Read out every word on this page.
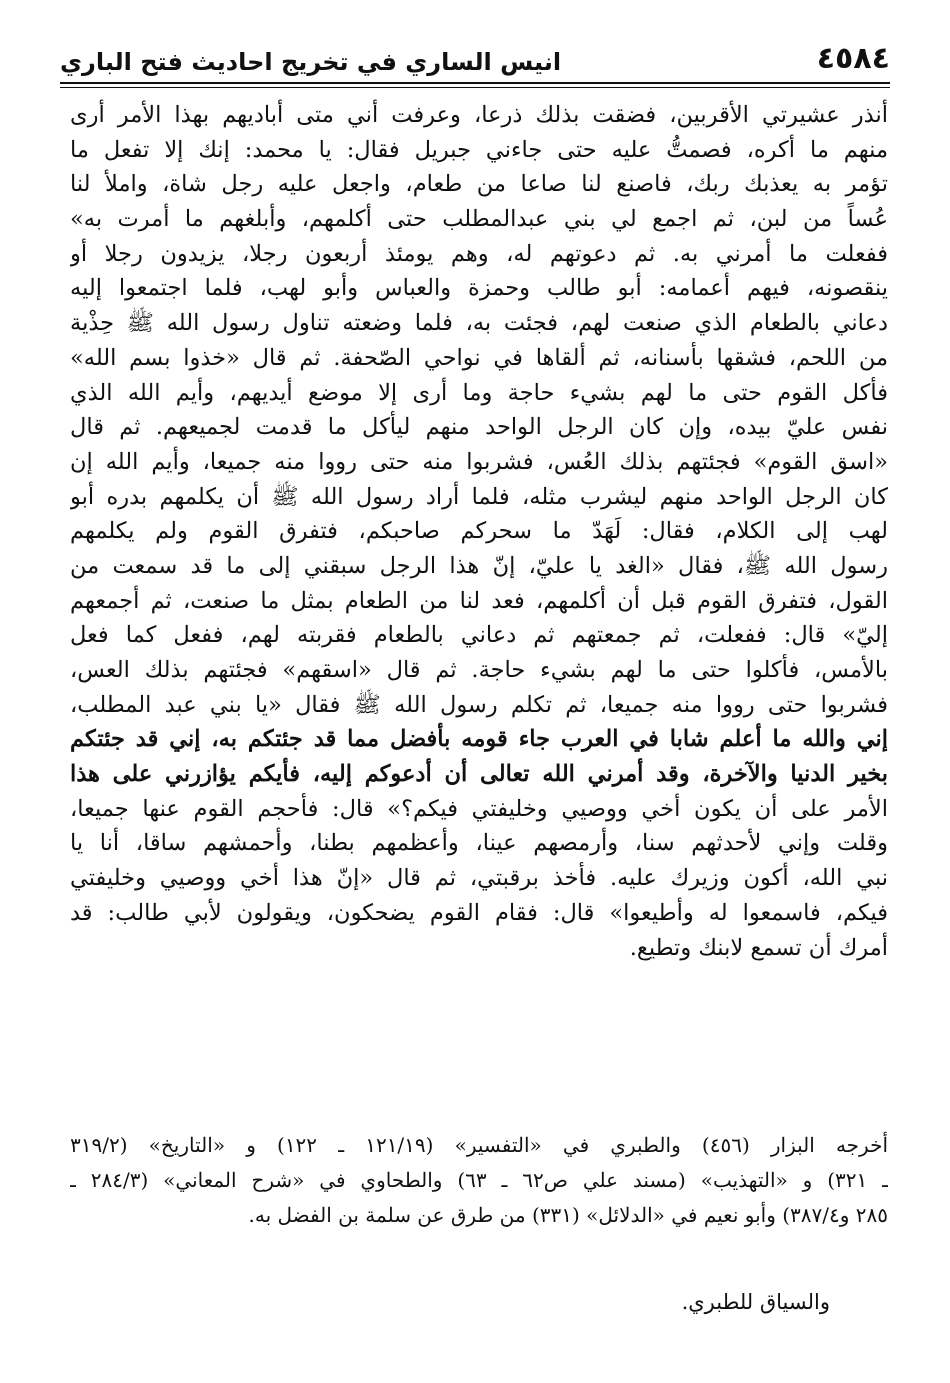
٤٥٨٤
انيس الساري في تخريج احاديث فتح الباري
أنذر عشيرتي الأقربين، فضقت بذلك ذرعا، وعرفت أني متى أباديهم بهذا الأمر أرى
منهم ما أكره، فصمتُّ عليه حتى جاءني جبريل فقال: يا محمد: إنك إلا تفعل ما
تؤمر به يعذبك ربك، فاصنع لنا صاعا من طعام، واجعل عليه رجل شاة، واملأ لنا
عُساً من لبن، ثم اجمع لي بني عبدالمطلب حتى أكلمهم، وأبلغهم ما أمرت به»
ففعلت ما أمرني به. ثم دعوتهم له، وهم يومئذ أربعون رجلا، يزيدون رجلا أو
ينقصونه، فيهم أعمامه: أبو طالب وحمزة والعباس وأبو لهب، فلما اجتمعوا إليه
دعاني بالطعام الذي صنعت لهم، فجئت به، فلما وضعته تناول رسول الله ﷺ حِذْية
من اللحم، فشقها بأسنانه، ثم ألقاها في نواحي الصّحفة. ثم قال «خذوا بسم الله»
فأكل القوم حتى ما لهم بشيء حاجة وما أرى إلا موضع أيديهم، وأيم الله الذي
نفس عليّ بيده، وإن كان الرجل الواحد منهم ليأكل ما قدمت لجميعهم. ثم قال
«اسق القوم» فجئتهم بذلك العُس، فشربوا منه حتى رووا منه جميعا، وأيم الله إن
كان الرجل الواحد منهم ليشرب مثله، فلما أراد رسول الله ﷺ أن يكلمهم بدره أبو
لهب إلى الكلام، فقال: لَهَدّ ما سحركم صاحبكم، فتفرق القوم ولم يكلمهم
رسول الله ﷺ، فقال «الغد يا عليّ، إنّ هذا الرجل سبقني إلى ما قد سمعت من
القول، فتفرق القوم قبل أن أكلمهم، فعد لنا من الطعام بمثل ما صنعت، ثم أجمعهم
إليّ» قال: ففعلت، ثم جمعتهم ثم دعاني بالطعام فقربته لهم، ففعل كما فعل
بالأمس، فأكلوا حتى ما لهم بشيء حاجة. ثم قال «اسقهم» فجئتهم بذلك العس،
فشربوا حتى رووا منه جميعا، ثم تكلم رسول الله ﷺ فقال «يا بني عبد المطلب،
إني والله ما أعلم شابا في العرب جاء قومه بأفضل مما قد جئتكم به، إني قد جئتكم
بخير الدنيا والآخرة، وقد أمرني الله تعالى أن أدعوكم إليه، فأيكم يؤازرني على هذا
الأمر على أن يكون أخي ووصيي وخليفتي فيكم؟» قال: فأحجم القوم عنها جميعا،
وقلت وإني لأحدثهم سنا، وأرمصهم عينا، وأعظمهم بطنا، وأحمشهم ساقا، أنا يا
نبي الله، أكون وزيرك عليه. فأخذ برقبتي، ثم قال «إنّ هذا أخي ووصيي وخليفتي
فيكم، فاسمعوا له وأطيعوا» قال: فقام القوم يضحكون، ويقولون لأبي طالب: قد
أمرك أن تسمع لابنك وتطيع.
أخرجه البزار (٤٥٦) والطبري في «التفسير» (١٢١/١٩ ـ ١٢٢) و «التاريخ» (٣١٩/٢
ـ ٣٢١) و «التهذيب» (مسند علي ص٦٢ ـ ٦٣) والطحاوي في «شرح المعاني» (٢٨٤/٣ ـ
٢٨٥ و٣٨٧/٤) وأبو نعيم في «الدلائل» (٣٣١) من طرق عن سلمة بن الفضل به.
والسياق للطبري.
